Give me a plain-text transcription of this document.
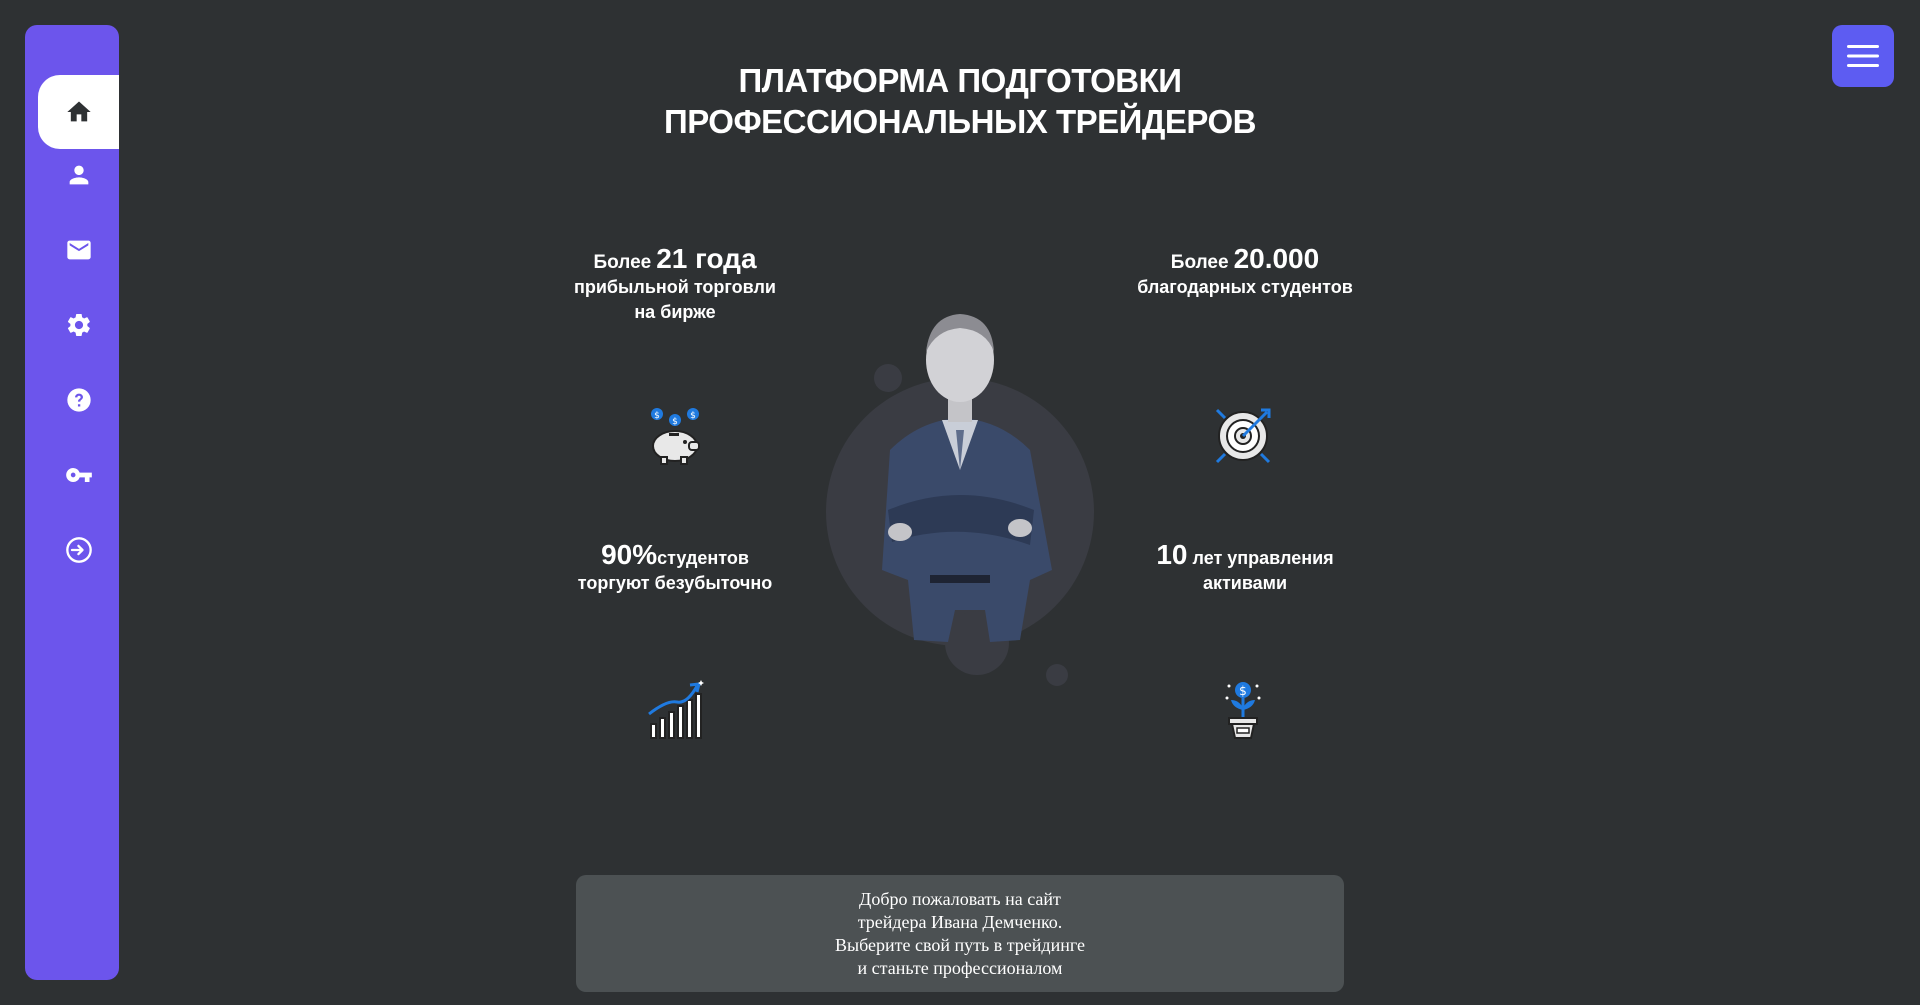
ПЛАТФОРМА ПОДГОТОВКИ
ПРОФЕССИОНАЛЬНЫХ ТРЕЙДЕРОВ
Более 21 года
прибыльной торговли
на бирже
Более 20.000
благодарных студентов
90%студентов
торгуют безубыточно
10 лет управления
активами
$
$
$
$
Добро пожаловать на сайт
трейдера Ивана Демченко.
Выберите свой путь в трейдинге
и станьте профессионалом
